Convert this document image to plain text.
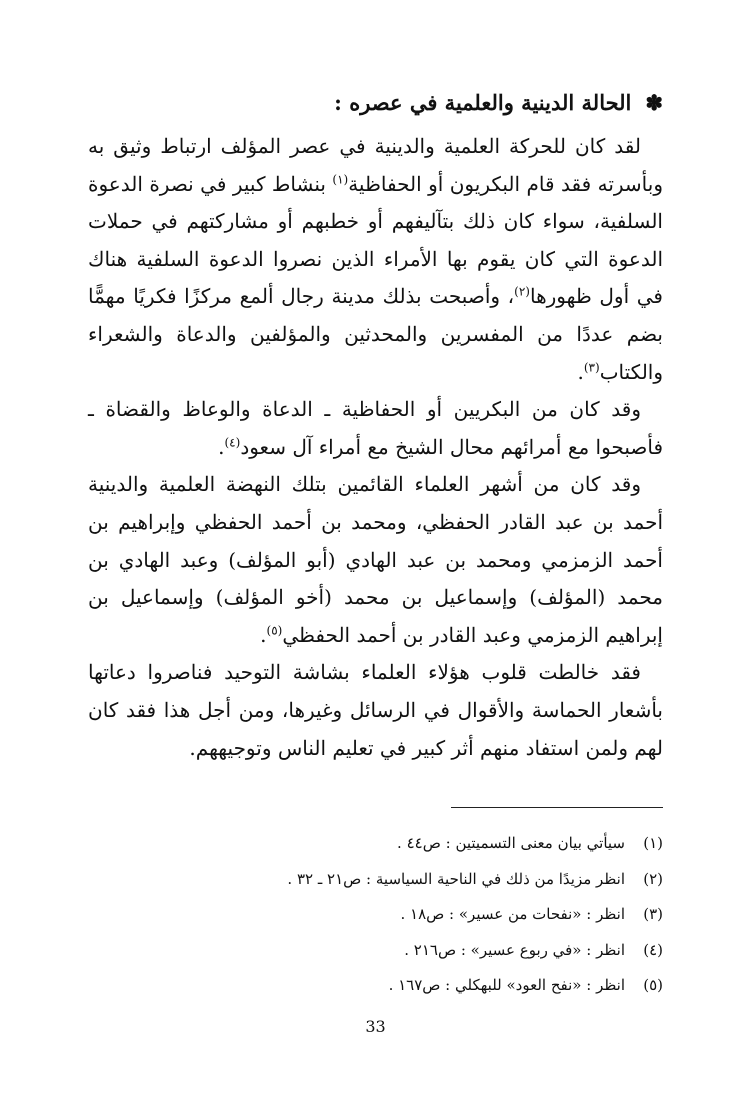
✽الحالة الدينية والعلمية في عصره :

لقد كان للحركة العلمية والدينية في عصر المؤلف ارتباط وثيق به وبأسرته فقد قام البكريون أو الحفاظية$^{(١)}$ بنشاط كبير في نصرة الدعوة السلفية، سواء كان ذلك بتآليفهم أو خطبهم أو مشاركتهم في حملات الدعوة التي كان يقوم بها الأمراء الذين نصروا الدعوة السلفية هناك في أول ظهورها$^{(٢)}$، وأصبحت بذلك مدينة رجال ألمع مركزًا فكريًا مهمًّا بضم عددًا من المفسرين والمحدثين والمؤلفين والدعاة والشعراء والكتاب$^{(٣)}$.

وقد كان من البكريين أو الحفاظية ـ الدعاة والوعاظ والقضاة ـ فأصبحوا مع أمرائهم محال الشيخ مع أمراء آل سعود$^{(٤)}$.

وقد كان من أشهر العلماء القائمين بتلك النهضة العلمية والدينية أحمد بن عبد القادر الحفظي، ومحمد بن أحمد الحفظي وإبراهيم بن أحمد الزمزمي ومحمد بن عبد الهادي (أبو المؤلف) وعبد الهادي بن محمد (المؤلف) وإسماعيل بن محمد (أخو المؤلف) وإسماعيل بن إبراهيم الزمزمي وعبد القادر بن أحمد الحفظي$^{(٥)}$.

فقد خالطت قلوب هؤلاء العلماء بشاشة التوحيد فناصروا دعاتها بأشعار الحماسة والأقوال في الرسائل وغيرها، ومن أجل هذا فقد كان لهم ولمن استفاد منهم أثر كبير في تعليم الناس وتوجيههم.

(١)سيأتي بيان معنى التسميتين : ص٤٤ .
(٢)انظر مزيدًا من ذلك في الناحية السياسية : ص٢١ ـ ٣٢ .
(٣)انظر : «نفحات من عسير» : ص١٨ .
(٤)انظر : «في ربوع عسير» : ص٢١٦ .
(٥)انظر : «نفح العود» للبهكلي : ص١٦٧ .
33
